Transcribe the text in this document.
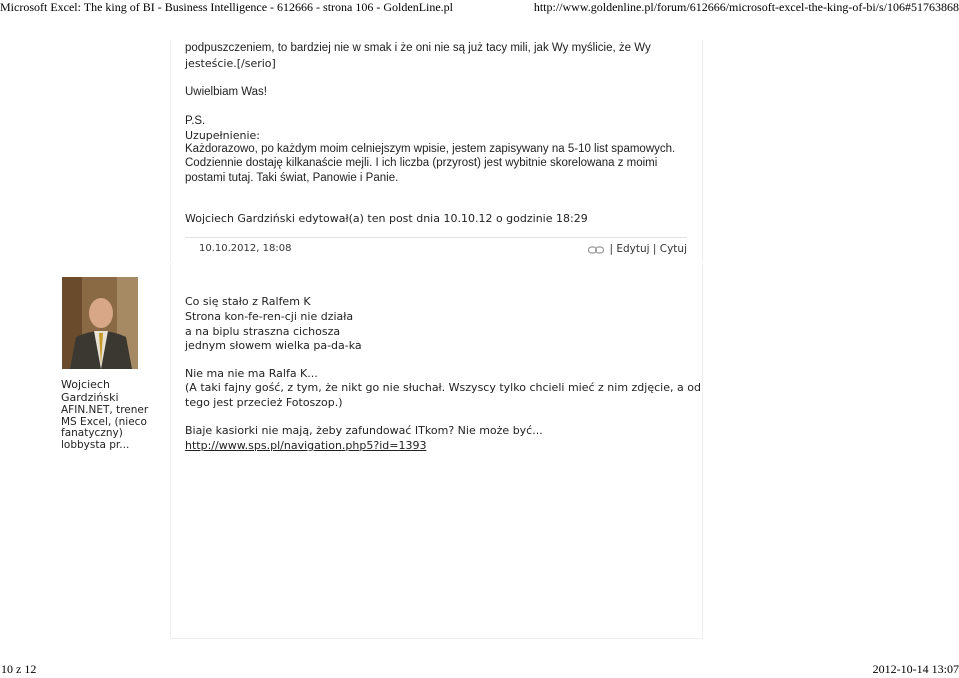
Microsoft Excel: The king of BI - Business Intelligence - 612666 - strona 106 - GoldenLine.pl	http://www.goldenline.pl/forum/612666/microsoft-excel-the-king-of-bi/s/106#51763868
podpuszczeniem, to bardziej nie w smak i że oni nie są już tacy mili, jak Wy myślicie, że Wy
jesteście.[/serio]
Uwielbiam Was!
P.S.
Uzupełnienie:
Każdorazowo, po każdym moim celniejszym wpisie, jestem zapisywany na 5-10 list spamowych.
Codziennie dostaję kilkanaście mejli. I ich liczba (przyrost) jest wybitnie skorelowana z moimi
postami tutaj. Taki świat, Panowie i Panie.
Wojciech Gardziński edytował(a) ten post dnia 10.10.12 o godzinie 18:29
10.10.2012, 18:08	| Edytuj | Cytuj
Wojciech Gardziński
AFIN.NET, trener MS Excel, (nieco fanatyczny) lobbysta pr...
Co się stało z Ralfem K
Strona kon-fe-ren-cji nie działa
a na biplu straszna cichosza
jednym słowem wielka pa-da-ka
Nie ma nie ma Ralfa K...
(A taki fajny gość, z tym, że nikt go nie słuchał. Wszyscy tylko chcieli mieć z nim zdjęcie, a od
tego jest przecież Fotoszop.)
Biaje kasiorki nie mają, żeby zafundować ITkom? Nie może być...
http://www.sps.pl/navigation.php5?id=1393
10 z 12	2012-10-14 13:07
